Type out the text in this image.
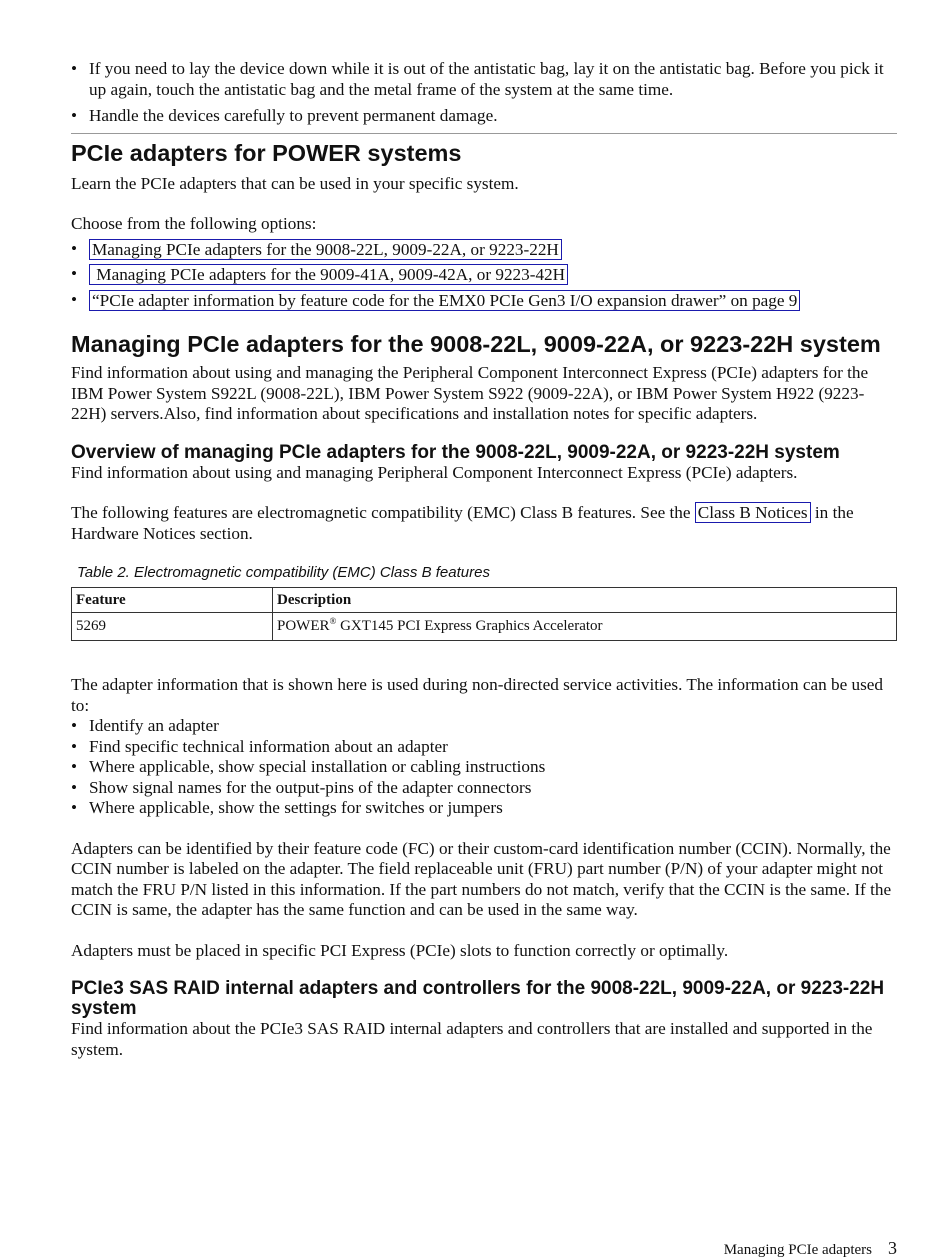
• If you need to lay the device down while it is out of the antistatic bag, lay it on the antistatic bag. Before you pick it up again, touch the antistatic bag and the metal frame of the system at the same time.
• Handle the devices carefully to prevent permanent damage.
PCIe adapters for POWER systems

Learn the PCIe adapters that can be used in your specific system.

Choose from the following options:

• Managing PCIe adapters for the 9008-22L, 9009-22A, or 9223-22H
•  Managing PCIe adapters for the 9009-41A, 9009-42A, or 9223-42H
• “PCIe adapter information by feature code for the EMX0 PCIe Gen3 I/O expansion drawer” on page 9
Managing PCIe adapters for the 9008-22L, 9009-22A, or 9223-22H system

Find information about using and managing the Peripheral Component Interconnect Express (PCIe) adapters for the IBM Power System S922L (9008-22L), IBM Power System S922 (9009-22A), or IBM Power System H922 (9223-22H) servers.Also, find information about specifications and installation notes for specific adapters.

Overview of managing PCIe adapters for the 9008-22L, 9009-22A, or 9223-22H system

Find information about using and managing Peripheral Component Interconnect Express (PCIe) adapters.

The following features are electromagnetic compatibility (EMC) Class B features. See the Class B Notices in the Hardware Notices section.

Table 2. Electromagnetic compatibility (EMC) Class B features

Feature	Description
5269	POWER® GXT145 PCI Express Graphics Accelerator

The adapter information that is shown here is used during non-directed service activities. The information can be used to:

• Identify an adapter
• Find specific technical information about an adapter
• Where applicable, show special installation or cabling instructions
• Show signal names for the output-pins of the adapter connectors
• Where applicable, show the settings for switches or jumpers

Adapters can be identified by their feature code (FC) or their custom-card identification number (CCIN). Normally, the CCIN number is labeled on the adapter. The field replaceable unit (FRU) part number (P/N) of your adapter might not match the FRU P/N listed in this information. If the part numbers do not match, verify that the CCIN is the same. If the CCIN is same, the adapter has the same function and can be used in the same way.

Adapters must be placed in specific PCI Express (PCIe) slots to function correctly or optimally.

PCIe3 SAS RAID internal adapters and controllers for the 9008-22L, 9009-22A, or 9223-22H system

Find information about the PCIe3 SAS RAID internal adapters and controllers that are installed and supported in the system.

Managing PCIe adapters 3
